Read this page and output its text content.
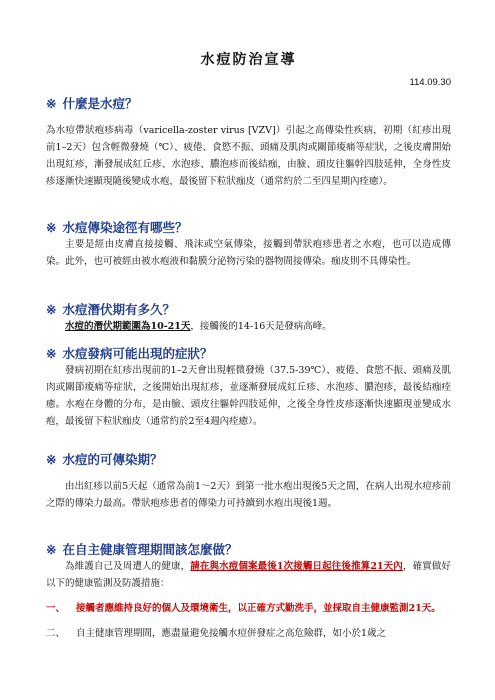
水痘防治宣導

114.09.30

※ 什麼是水痘？

為水痘帶狀疱疹病毒（varicella-zoster virus [VZV]）引起之高傳染性疾病，初期（紅疹出現前1–2天）包含輕微發燒（℃）、疲倦、食慾不振、頭痛及肌肉或關節痠痛等症狀，之後皮膚開始出現紅疹，漸發展成紅丘疹、水泡疹、膿泡疹而後結痂，由臉、頭皮往軀幹四肢延伸，全身性皮疹逐漸快速顯現隨後變成水疱，最後留下粒狀痂皮（通常約於二至四星期內痊癒）。

※ 水痘傳染途徑有哪些？

主要是經由皮膚直接接觸、飛沫或空氣傳染，接觸到帶狀疱疹患者之水疱，也可以造成傳染。此外，也可被經由被水疱液和黏膜分泌物污染的器物間接傳染。痂皮則不具傳染性。

※ 水痘潛伏期有多久？

水痘的潛伏期範圍為10-21天，接觸後的14-16天是發病高峰。

※ 水痘發病可能出現的症狀？

發病初期在紅疹出現前的1–2天會出現輕微發燒（37.5-39℃）、疲倦、食慾不振、頭痛及肌肉或關節痠痛等症狀，之後開始出現紅疹，並逐漸發展成紅丘疹、水泡疹、膿泡疹，最後結痂痊癒。水疱在身體的分布，是由臉、頭皮往軀幹四肢延伸，之後全身性皮疹逐漸快速顯現並變成水疱，最後留下粒狀痂皮（通常約於2至4週內痊癒）。

※ 水痘的可傳染期？

由出紅疹以前5天起（通常為前1〜2天）到第一批水疱出現後5天之間，在病人出現水痘疹前之際的傳染力最高。帶狀疱疹患者的傳染力可持續到水疱出現後1週。

※ 在自主健康管理期間該怎麼做？

為維護自己及周遭人的健康，請在與水痘個案最後1次接觸日起往後推算21天內，確實做好以下的健康監測及防護措施：

一、	接觸者應維持良好的個人及環境衛生，以正確方式勤洗手，並採取自主健康監測21天。
二、	自主健康管理期間，應盡量避免接觸水痘併發症之高危險群，如小於1歲之
